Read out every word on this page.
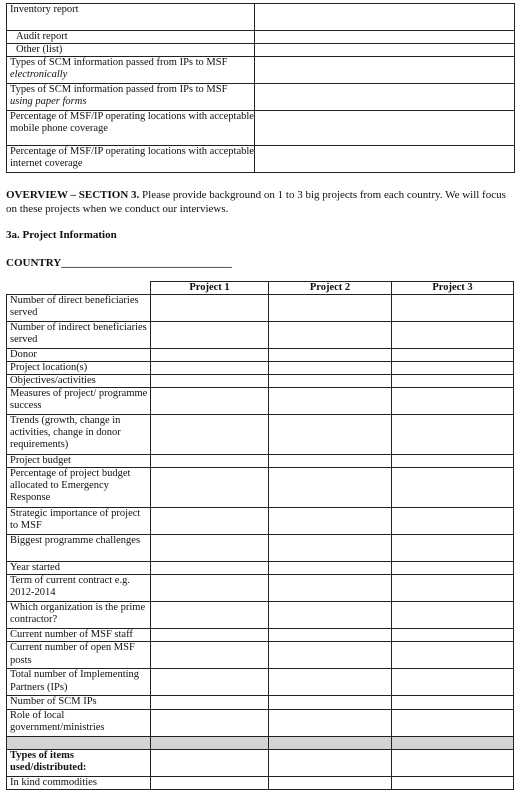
Inventory report	
Audit report	
Other (list)	
Types of SCM information passed from IPs to MSF
electronically	
Types of SCM information passed from IPs to MSF
using paper forms	
Percentage of MSF/IP operating locations with acceptable mobile phone coverage	
Percentage of MSF/IP operating locations with acceptable internet coverage	
OVERVIEW – SECTION 3. Please provide background on 1 to 3 big projects from each country. We will focus on these projects when we conduct our interviews.
3a. Project Information
COUNTRY_______________________________
	Project 1	Project 2	Project 3
Number of direct beneficiaries served			
Number of indirect beneficiaries served			
Donor			
Project location(s)			
Objectives/activities			
Measures of project/ programme success			
Trends (growth, change in activities, change in donor requirements)			
Project budget			
Percentage of project budget allocated to Emergency Response			
Strategic importance of project to MSF			
Biggest programme challenges			
Year started			
Term of current contract e.g. 2012-2014			
Which organization is the prime contractor?			
Current number of MSF staff			
Current number of open MSF posts			
Total number of Implementing Partners (IPs)			
Number of SCM IPs			
Role of local government/ministries			

Types of items used/distributed:			
In kind commodities			
